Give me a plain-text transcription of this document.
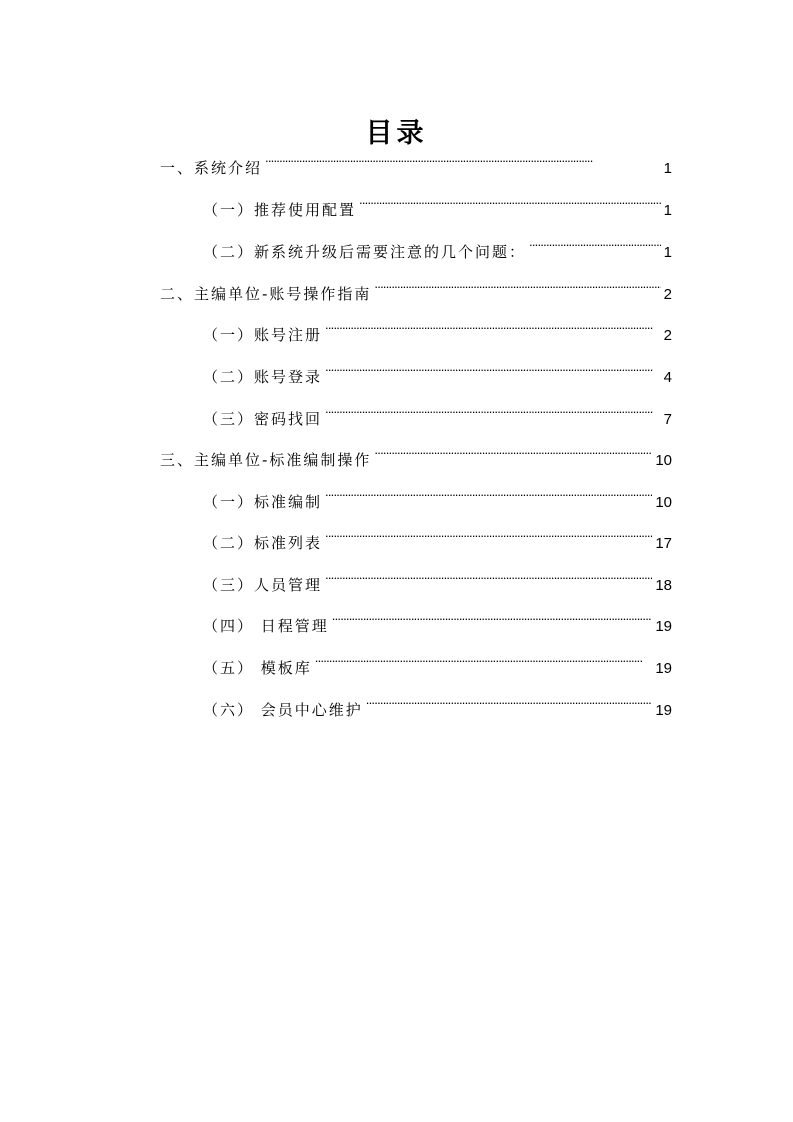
目录
一、系统介绍 . . .	1
（一）推荐使用配置 . . .	1
（二）新系统升级后需要注意的几个问题： . . .	1
二、主编单位-账号操作指南 . . .	2
（一）账号注册 . . .	2
（二）账号登录 . . .	4
（三）密码找回 . . .	7
三、主编单位-标准编制操作 . . .	10
（一）标准编制 . . .	10
（二）标准列表 . . .	17
（三）人员管理 . . .	18
（四） 日程管理 . . .	19
（五） 模板库 . . .	19
（六） 会员中心维护 . . .	19
